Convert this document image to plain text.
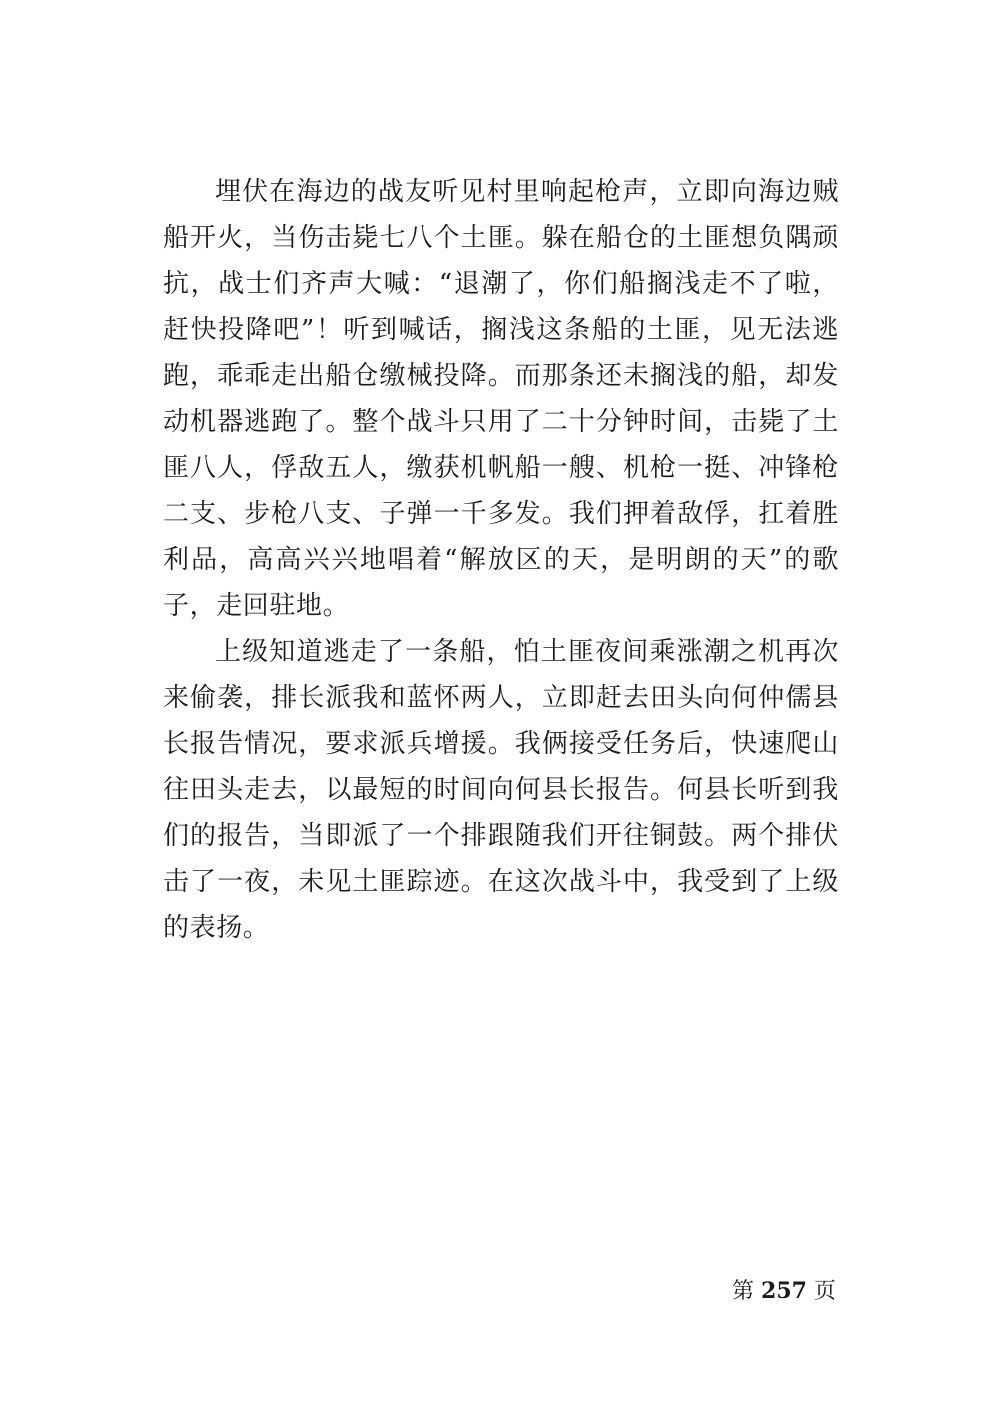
埋伏在海边的战友听见村里响起枪声，立即向海边贼船开火，当伤击毙七八个土匪。躲在船仓的土匪想负隅顽抗，战士们齐声大喊：“退潮了，你们船搁浅走不了啦，赶快投降吧”！听到喊话，搁浅这条船的土匪，见无法逃跑，乖乖走出船仓缴械投降。而那条还未搁浅的船，却发动机器逃跑了。整个战斗只用了二十分钟时间，击毙了土匪八人，俘敌五人，缴获机帆船一艘、机枪一挺、冲锋枪二支、步枪八支、子弹一千多发。我们押着敌俘，扛着胜利品，高高兴兴地唱着“解放区的天，是明朗的天”的歌子，走回驻地。

上级知道逃走了一条船，怕土匪夜间乘涨潮之机再次来偷袭，排长派我和蓝怀两人，立即赶去田头向何仲儒县长报告情况，要求派兵增援。我俩接受任务后，快速爬山往田头走去，以最短的时间向何县长报告。何县长听到我们的报告，当即派了一个排跟随我们开往铜鼓。两个排伏击了一夜，未见土匪踪迹。在这次战斗中，我受到了上级的表扬。

第 257 页
